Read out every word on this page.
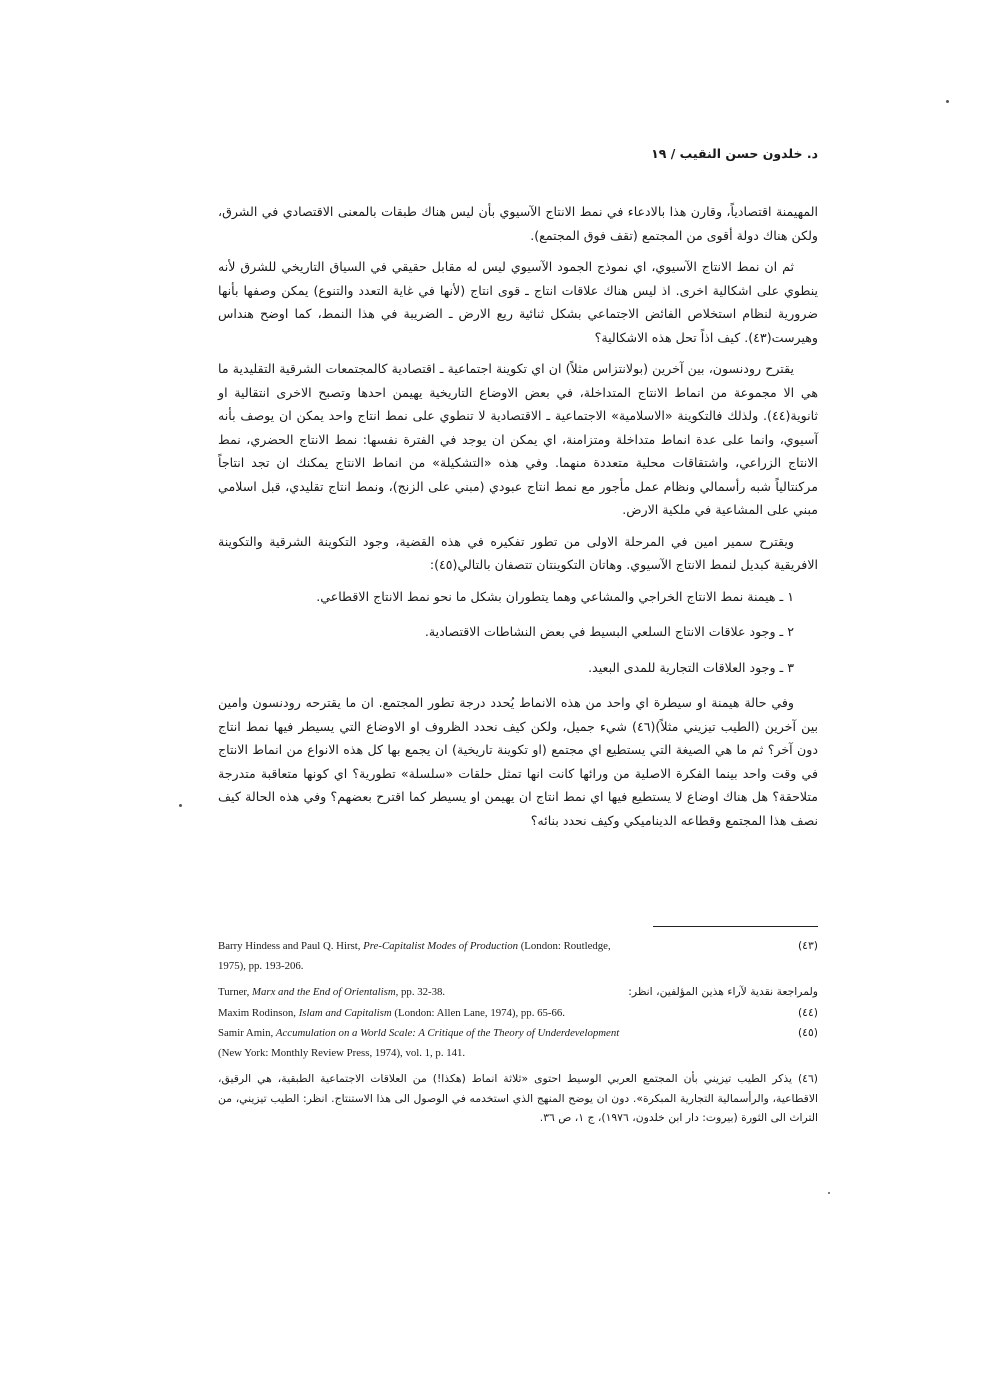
د. خلدون حسن النقيب / ١٩

المهيمنة اقتصادياً، وقارن هذا بالادعاء في نمط الانتاج الآسيوي بأن ليس هناك طبقات بالمعنى الاقتصادي في الشرق، ولكن هناك دولة أقوى من المجتمع (تقف فوق المجتمع).

ثم ان نمط الانتاج الآسيوي، اي نموذج الجمود الآسيوي ليس له مقابل حقيقي في السياق التاريخي للشرق لأنه ينطوي على اشكالية اخرى. اذ ليس هناك علاقات انتاج ـ قوى انتاج (لأنها في غاية التعدد والتنوع) يمكن وصفها بأنها ضرورية لنظام استخلاص الفائض الاجتماعي بشكل ثنائية ريع الارض ـ الضريبة في هذا النمط، كما اوضح هنداس وهيرست(٤٣). كيف اذاً تحل هذه الاشكالية؟

يقترح رودنسون، بين آخرين (بولانتزاس مثلاً) ان اي تكوينة اجتماعية ـ اقتصادية كالمجتمعات الشرقية التقليدية ما هي الا مجموعة من انماط الانتاج المتداخلة، في بعض الاوضاع التاريخية يهيمن احدها وتصبح الاخرى انتقالية او ثانوية(٤٤). ولذلك فالتكوينة «الاسلامية» الاجتماعية ـ الاقتصادية لا تنطوي على نمط انتاج واحد يمكن ان يوصف بأنه آسيوي، وانما على عدة انماط متداخلة ومتزامنة، اي يمكن ان يوجد في الفترة نفسها: نمط الانتاج الحضري، نمط الانتاج الزراعي، واشتقاقات محلية متعددة منهما. وفي هذه «التشكيلة» من انماط الانتاج يمكنك ان تجد انتاجاً مركنتالياً شبه رأسمالي ونظام عمل مأجور مع نمط انتاج عبودي (مبني على الزنج)، ونمط انتاج تقليدي، قبل اسلامي مبني على المشاعية في ملكية الارض.

ويقترح سمير امين في المرحلة الاولى من تطور تفكيره في هذه القضية، وجود التكوينة الشرقية والتكوينة الافريقية كبديل لنمط الانتاج الآسيوي. وهاتان التكوينتان تتصفان بالتالي(٤٥):

١ ـ هيمنة نمط الانتاج الخراجي والمشاعي وهما يتطوران بشكل ما نحو نمط الانتاج الاقطاعي.

٢ ـ وجود علاقات الانتاج السلعي البسيط في بعض النشاطات الاقتصادية.

٣ ـ وجود العلاقات التجارية للمدى البعيد.

وفي حالة هيمنة او سيطرة اي واحد من هذه الانماط يُحدد درجة تطور المجتمع. ان ما يقترحه رودنسون وامين بين آخرين (الطيب تيزيني مثلاً)(٤٦) شيء جميل، ولكن كيف نحدد الظروف او الاوضاع التي يسيطر فيها نمط انتاج دون آخر؟ ثم ما هي الصيغة التي يستطيع اي مجتمع (او تكوينة تاريخية) ان يجمع بها كل هذه الانواع من انماط الانتاج في وقت واحد بينما الفكرة الاصلية من ورائها كانت انها تمثل حلقات «سلسلة» تطورية؟ اي كونها متعاقبة متدرجة متلاحقة؟ هل هناك اوضاع لا يستطيع فيها اي نمط انتاج ان يهيمن او يسيطر كما اقترح بعضهم؟ وفي هذه الحالة كيف نصف هذا المجتمع وقطاعه الديناميكي وكيف نحدد بنائه؟

Barry Hindess and Paul Q. Hirst, Pre-Capitalist Modes of Production (London: Routledge,	(٤٣)
1975), pp. 193-206.
Turner, Marx and the End of Orientalism, pp. 32-38.	ولمراجعة نقدية لآراء هذين المؤلفين، انظر:
Maxim Rodinson, Islam and Capitalism (London: Allen Lane, 1974), pp. 65-66.	(٤٤)
Samir Amin, Accumulation on a World Scale: A Critique of the Theory of Underdevelopment	(٤٥)
(New York: Monthly Review Press, 1974), vol. 1, p. 141.
(٤٦) يذكر الطيب تيزيني بأن المجتمع العربي الوسيط احتوى «ثلاثة انماط (هكذا!) من العلاقات الاجتماعية الطبقية، هي الرقيق، الاقطاعية، والرأسمالية التجارية المبكرة». دون ان يوضح المنهج الذي استخدمه في الوصول الى هذا الاستنتاج. انظر: الطيب تيزيني، من التراث الى الثورة (بيروت: دار ابن خلدون، ١٩٧٦)، ج ١، ص ٣٦.
